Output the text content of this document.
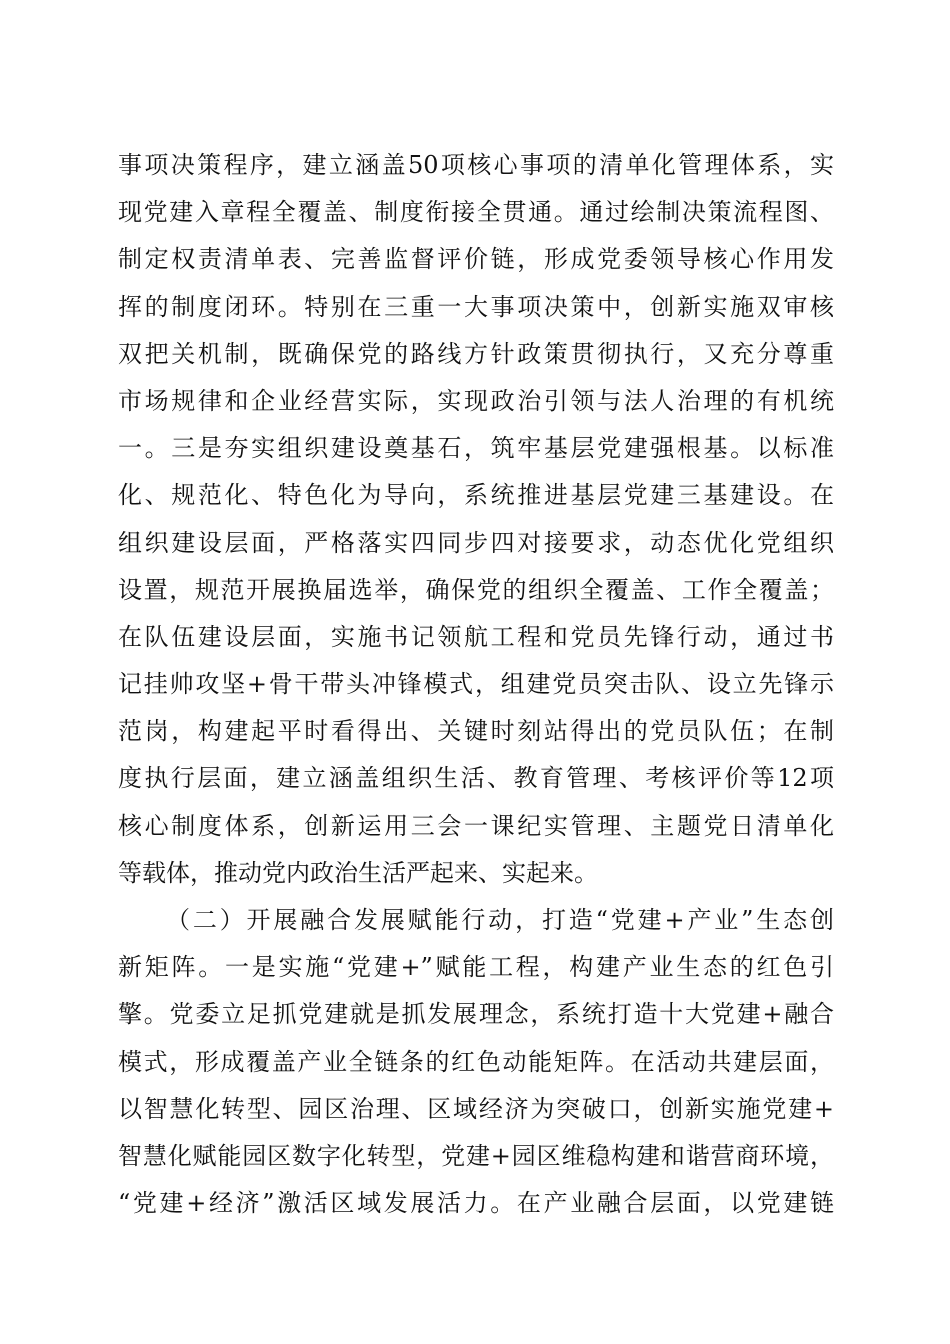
事项决策程序，建立涵盖50项核心事项的清单化管理体系，实
现党建入章程全覆盖、制度衔接全贯通。通过绘制决策流程图、
制定权责清单表、完善监督评价链，形成党委领导核心作用发
挥的制度闭环。特别在三重一大事项决策中，创新实施双审核
双把关机制，既确保党的路线方针政策贯彻执行，又充分尊重
市场规律和企业经营实际，实现政治引领与法人治理的有机统
一。三是夯实组织建设奠基石，筑牢基层党建强根基。以标准
化、规范化、特色化为导向，系统推进基层党建三基建设。在
组织建设层面，严格落实四同步四对接要求，动态优化党组织
设置，规范开展换届选举，确保党的组织全覆盖、工作全覆盖；
在队伍建设层面，实施书记领航工程和党员先锋行动，通过书
记挂帅攻坚+骨干带头冲锋模式，组建党员突击队、设立先锋示
范岗，构建起平时看得出、关键时刻站得出的党员队伍；在制
度执行层面，建立涵盖组织生活、教育管理、考核评价等12项
核心制度体系，创新运用三会一课纪实管理、主题党日清单化
等载体，推动党内政治生活严起来、实起来。
（二）开展融合发展赋能行动，打造“党建+产业”生态创
新矩阵。一是实施“党建+”赋能工程，构建产业生态的红色引
擎。党委立足抓党建就是抓发展理念，系统打造十大党建+融合
模式，形成覆盖产业全链条的红色动能矩阵。在活动共建层面，
以智慧化转型、园区治理、区域经济为突破口，创新实施党建+
智慧化赋能园区数字化转型，党建+园区维稳构建和谐营商环境，
“党建+经济”激活区域发展活力。在产业融合层面，以党建链
